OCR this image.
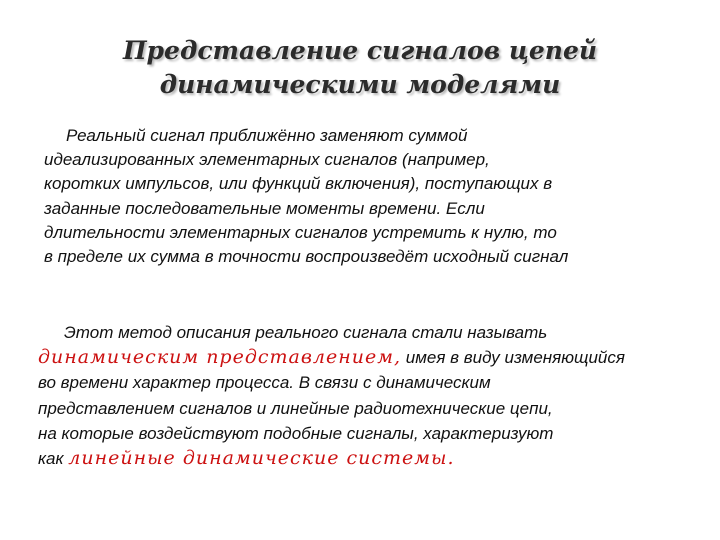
Представление сигналов цепей
динамическими моделями
Реальный сигнал приближённо заменяют суммой
идеализированных элементарных сигналов (например,
коротких импульсов, или функций включения), поступающих в
заданные последовательные моменты времени. Если
длительности элементарных сигналов устремить к нулю, то
в пределе их сумма в точности воспроизведёт исходный сигнал
Этот метод описания реального сигнала стали называть
динамическим представлением, имея в виду изменяющийся
во времени характер процесса. В связи с динамическим
представлением сигналов и линейные радиотехнические цепи,
на которые воздействуют подобные сигналы, характеризуют
как линейные динамические системы.
